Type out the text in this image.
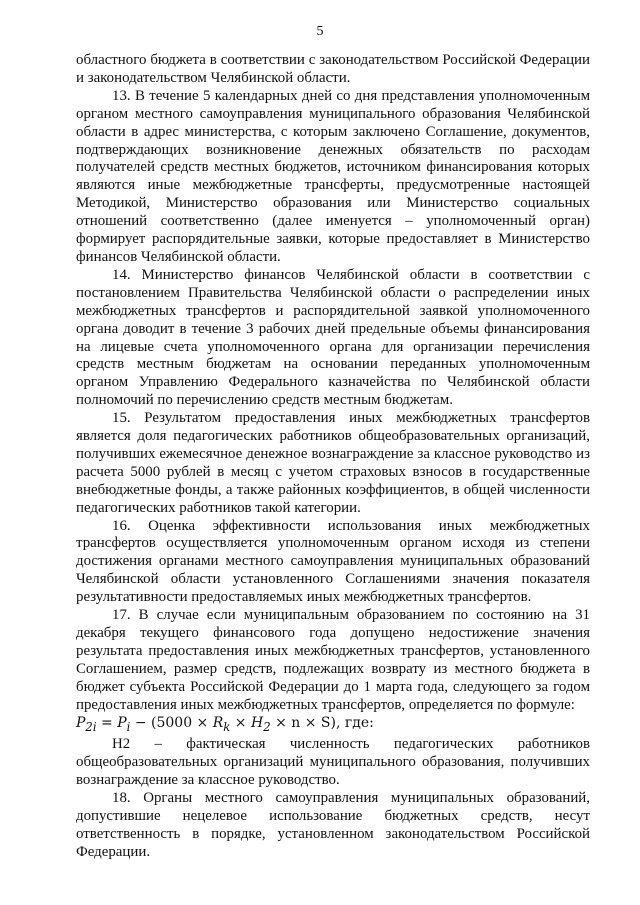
5

областного бюджета в соответствии с законодательством Российской Федерации и законодательством Челябинской области.

13. В течение 5 календарных дней со дня представления уполномоченным органом местного самоуправления муниципального образования Челябинской области в адрес министерства, с которым заключено Соглашение, документов, подтверждающих возникновение денежных обязательств по расходам получателей средств местных бюджетов, источником финансирования которых являются иные межбюджетные трансферты, предусмотренные настоящей Методикой, Министерство образования или Министерство социальных отношений соответственно (далее именуется – уполномоченный орган) формирует распорядительные заявки, которые предоставляет в Министерство финансов Челябинской области.

14. Министерство финансов Челябинской области в соответствии с постановлением Правительства Челябинской области о распределении иных межбюджетных трансфертов и распорядительной заявкой уполномоченного органа доводит в течение 3 рабочих дней предельные объемы финансирования на лицевые счета уполномоченного органа для организации перечисления средств местным бюджетам на основании переданных уполномоченным органом Управлению Федерального казначейства по Челябинской области полномочий по перечислению средств местным бюджетам.

15. Результатом предоставления иных межбюджетных трансфертов является доля педагогических работников общеобразовательных организаций, получивших ежемесячное денежное вознаграждение за классное руководство из расчета 5000 рублей в месяц с учетом страховых взносов в государственные внебюджетные фонды, а также районных коэффициентов, в общей численности педагогических работников такой категории.

16. Оценка эффективности использования иных межбюджетных трансфертов осуществляется уполномоченным органом исходя из степени достижения органами местного самоуправления муниципальных образований Челябинской области установленного Соглашениями значения показателя результативности предоставляемых иных межбюджетных трансфертов.

17. В случае если муниципальным образованием по состоянию на 31 декабря текущего финансового года допущено недостижение значения результата предоставления иных межбюджетных трансфертов, установленного Соглашением, размер средств, подлежащих возврату из местного бюджета в бюджет субъекта Российской Федерации до 1 марта года, следующего за годом предоставления иных межбюджетных трансфертов, определяется по формуле:

$P_{2i} = P_i - (5000 \times R_k \times H_2 \times n \times S)$, где:

Н2 – фактическая численность педагогических работников общеобразовательных организаций муниципального образования, получивших вознаграждение за классное руководство.

18. Органы местного самоуправления муниципальных образований, допустившие нецелевое использование бюджетных средств, несут ответственность в порядке, установленном законодательством Российской Федерации.
